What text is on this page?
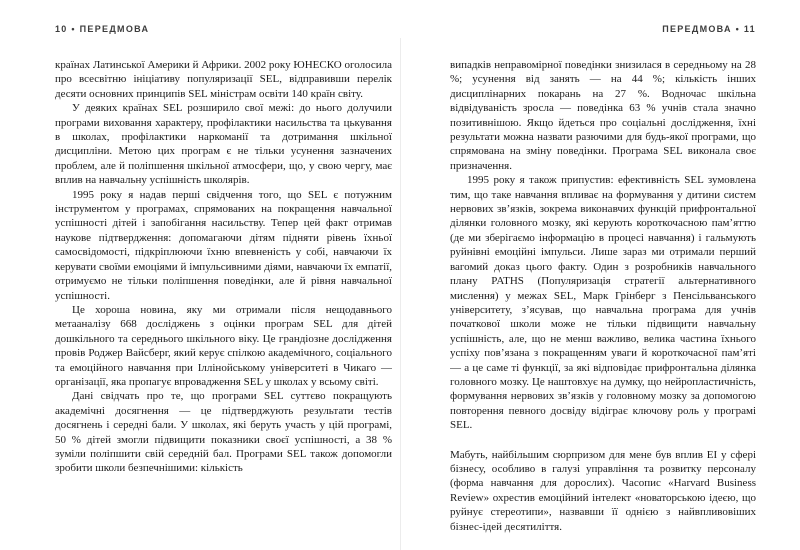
10 • ПЕРЕДМОВА

країнах Латинської Америки й Африки. 2002 року ЮНЕСКО оголосила про всесвітню ініціативу популяризації SEL, відправивши перелік десяти основних принципів SEL міністрам освіти 140 країн світу.

У деяких країнах SEL розширило свої межі: до нього долучили програми виховання характеру, профілактики насильства та цькування в школах, профілактики наркоманії та дотримання шкільної дисципліни. Метою цих програм є не тільки усунення зазначених проблем, але й поліпшення шкільної атмосфери, що, у свою чергу, має вплив на навчальну успішність школярів.

1995 року я надав перші свідчення того, що SEL є потужним інструментом у програмах, спрямованих на покращення навчальної успішності дітей і запобігання насильству. Тепер цей факт отримав наукове підтвердження: допомагаючи дітям підняти рівень їхньої самосвідомості, підкріплюючи їхню впевненість у собі, навчаючи їх керувати своїми емоціями й імпульсивними діями, навчаючи їх емпатії, отримуємо не тільки поліпшення поведінки, але й рівня навчальної успішності.

Це хороша новина, яку ми отримали після нещодавнього метааналізу 668 досліджень з оцінки програм SEL для дітей дошкільного та середнього шкільного віку. Це грандіозне дослідження провів Роджер Вайсберг, який керує спілкою академічного, соціального та емоційного навчання при Іллінойському університеті в Чикаго — організації, яка пропагує впровадження SEL у школах у всьому світі.

Дані свідчать про те, що програми SEL суттєво покращують академічні досягнення — це підтверджують результати тестів досягнень і середні бали. У школах, які беруть участь у цій програмі, 50 % дітей змогли підвищити показники своєї успішності, а 38 % зуміли поліпшити свій середній бал. Програми SEL також допомогли зробити школи безпечнішими: кількість

ПЕРЕДМОВА • 11

випадків неправомірної поведінки знизилася в середньому на 28 %; усунення від занять — на 44 %; кількість інших дисциплінарних покарань на 27 %. Водночас шкільна відвідуваність зросла — поведінка 63 % учнів стала значно позитивнішою. Якщо йдеться про соціальні дослідження, їхні результати можна назвати разючими для будь-якої програми, що спрямована на зміну поведінки. Програма SEL виконала своє призначення.

1995 року я також припустив: ефективність SEL зумовлена тим, що таке навчання впливає на формування у дитини систем нервових зв’язків, зокрема виконавчих функцій прифронтальної ділянки головного мозку, які керують короткочасною пам’яттю (де ми зберігаємо інформацію в процесі навчання) і гальмують руйнівні емоційні імпульси. Лише зараз ми отримали перший вагомий доказ цього факту. Один з розробників навчального плану PATHS (Популяризація стратегії альтернативного мислення) у межах SEL, Марк Грінберг з Пенсільванського університету, з’ясував, що навчальна програма для учнів початкової школи може не тільки підвищити навчальну успішність, але, що не менш важливо, велика частина їхнього успіху пов’язана з покращенням уваги й короткочасної пам’яті — а це саме ті функції, за які відповідає прифронтальна ділянка головного мозку. Це наштовхує на думку, що нейропластичність, формування нервових зв’язків у головному мозку за допомогою повторення певного досвіду відіграє ключову роль у програмі SEL.

Мабуть, найбільшим сюрпризом для мене був вплив EI у сфері бізнесу, особливо в галузі управління та розвитку персоналу (форма навчання для дорослих). Часопис «Harvard Business Review» охрестив емоційний інтелект «новаторською ідеєю, що руйнує стереотипи», назвавши її однією з найвпливовіших бізнес-ідей десятиліття.
